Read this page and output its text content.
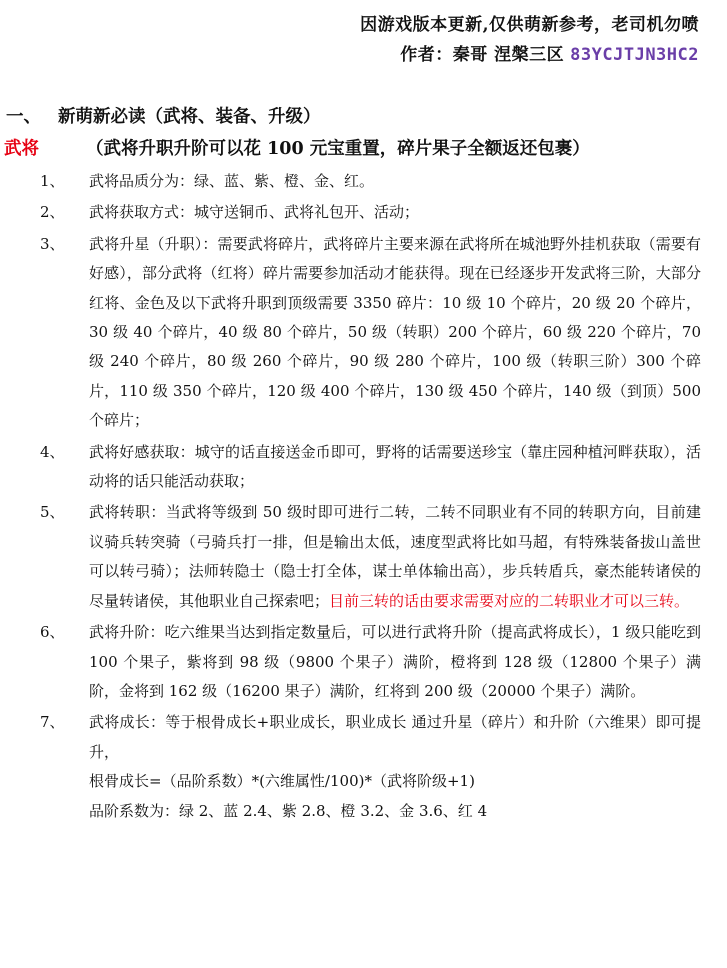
因游戏版本更新,仅供萌新参考，老司机勿喷
作者：秦哥 涅槃三区 83YCJTJN3HC2
一、 新萌新必读（武将、装备、升级）
武将	（武将升职升阶可以花 100 元宝重置，碎片果子全额返还包裹）
1、 武将品质分为：绿、蓝、紫、橙、金、红。
2、 武将获取方式：城守送铜币、武将礼包开、活动；
3、 武将升星（升职）：需要武将碎片，武将碎片主要来源在武将所在城池野外挂机获取（需要有好感），部分武将（红将）碎片需要参加活动才能获得。现在已经逐步开发武将三阶，大部分红将、金色及以下武将升职到顶级需要 3350 碎片：10 级 10 个碎片，20 级 20 个碎片，30 级 40 个碎片，40 级 80 个碎片，50 级（转职）200 个碎片，60 级 220 个碎片，70 级 240 个碎片，80 级 260 个碎片，90 级 280 个碎片，100 级（转职三阶）300 个碎片，110 级 350 个碎片，120 级 400 个碎片，130 级 450 个碎片，140 级（到顶）500 个碎片；
4、 武将好感获取：城守的话直接送金币即可，野将的话需要送珍宝（靠庄园种植河畔获取），活动将的话只能活动获取；
5、 武将转职：当武将等级到 50 级时即可进行二转，二转不同职业有不同的转职方向，目前建议骑兵转突骑（弓骑兵打一排，但是输出太低，速度型武将比如马超，有特殊装备拔山盖世可以转弓骑）；法师转隐士（隐士打全体，谋士单体输出高），步兵转盾兵，豪杰能转诸侯的尽量转诸侯，其他职业自己探索吧；目前三转的话由要求需要对应的二转职业才可以三转。
6、 武将升阶：吃六维果当达到指定数量后，可以进行武将升阶（提高武将成长），1 级只能吃到 100 个果子，紫将到 98 级（9800 个果子）满阶，橙将到 128 级（12800 个果子）满阶，金将到 162 级（16200 果子）满阶，红将到 200 级（20000 个果子）满阶。
7、 武将成长：等于根骨成长+职业成长，职业成长 通过升星（碎片）和升阶（六维果）即可提升，
根骨成长=（品阶系数）*(六维属性/100)*（武将阶级+1)
品阶系数为：绿 2、蓝 2.4、紫 2.8、橙 3.2、金 3.6、红 4
